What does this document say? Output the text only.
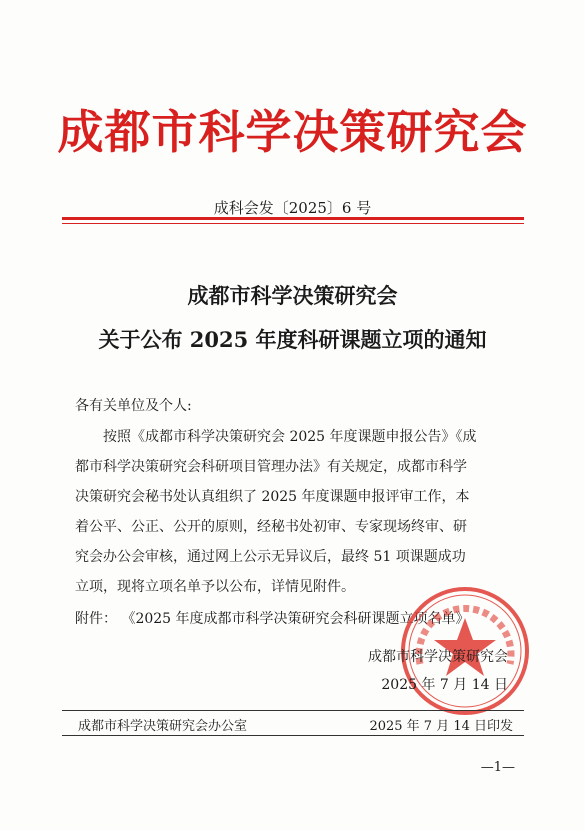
成都市科学决策研究会
成科会发〔2025〕6 号
成都市科学决策研究会
关于公布 2025 年度科研课题立项的通知
各有关单位及个人:
按照《成都市科学决策研究会 2025 年度课题申报公告》《成
都市科学决策研究会科研项目管理办法》有关规定，成都市科学
决策研究会秘书处认真组织了 2025 年度课题申报评审工作，本
着公平、公正、公开的原则，经秘书处初审、专家现场终审、研
究会办公会审核，通过网上公示无异议后，最终 51 项课题成功
立项，现将立项名单予以公布，详情见附件。
附件： 《2025 年度成都市科学决策研究会科研课题立项名单》
成都市科学决策研究会
2025 年 7 月 14 日
成都市科学决策研究会办公室	2025 年 7 月 14 日印发
—1—
